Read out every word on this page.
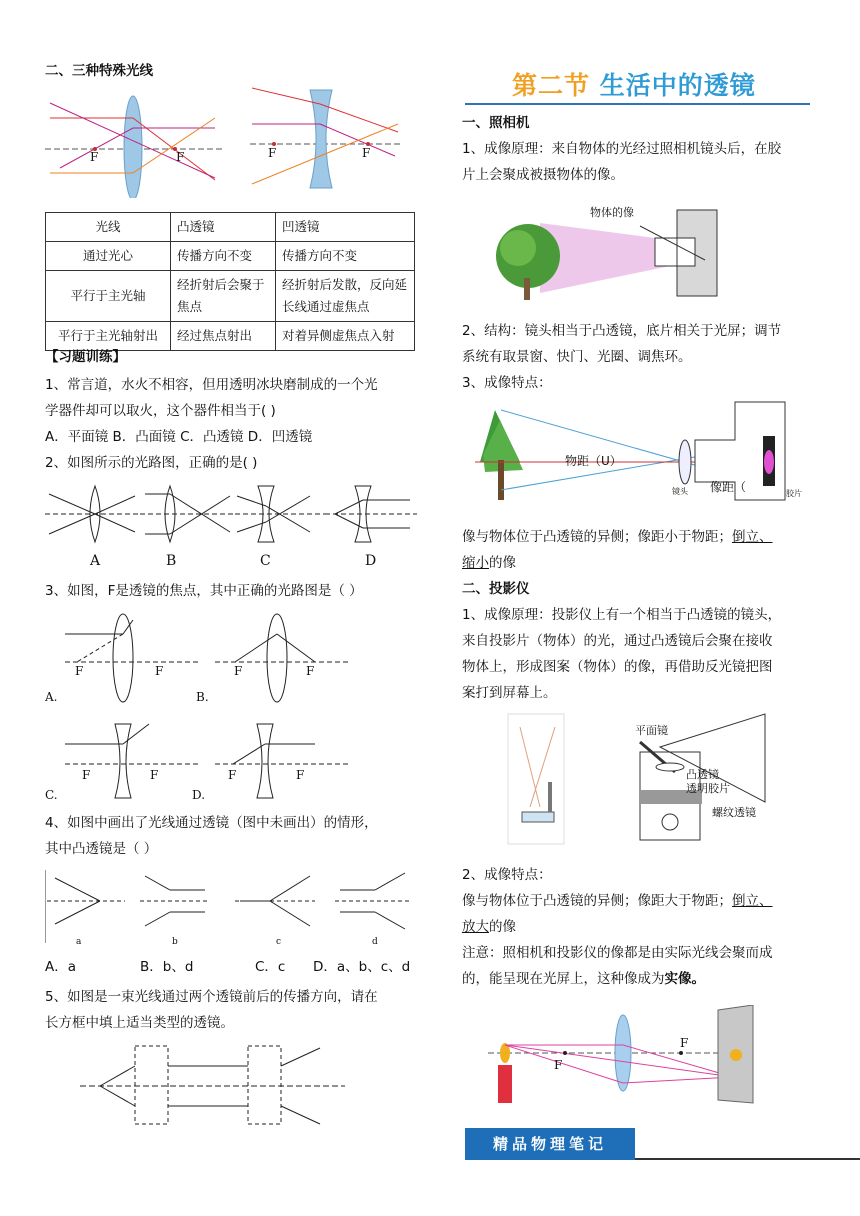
二、三种特殊光线
F	F	F	F
光线	凸透镜	凹透镜
通过光心	传播方向不变	传播方向不变
平行于主光轴	经折射后会聚于焦点	经折射后发散，反向延长线通过虚焦点
平行于主光轴射出	经过焦点射出	对着异侧虚焦点入射
【习题训练】
1、常言道，水火不相容，但用透明冰块磨制成的一个光
学器件却可以取火，这个器件相当于( )
A．平面镜 B．凸面镜 C．凸透镜 D．凹透镜
2、如图所示的光路图，正确的是( )
A	B	C	D
3、如图，F是透镜的焦点，其中正确的光路图是（ ）
F	F	F	F
A.	B.
F	F	F	F
C.	D.
4、如图中画出了光线通过透镜（图中未画出）的情形，
其中凸透镜是（ ）
a	b	c	d
A．a	B．b、d	C．c D．a、b、c、d
5、如图是一束光线通过两个透镜前后的传播方向，请在
长方框中填上适当类型的透镜。
第二节 生活中的透镜
一、照相机
1、成像原理：来自物体的光经过照相机镜头后，在胶
片上会聚成被摄物体的像。
物体的像
2、结构：镜头相当于凸透镜，底片相关于光屏；调节
系统有取景窗、快门、光圈、调焦环。
3、成像特点：
物距（U）
像距（
镜头	胶片
像与物体位于凸透镜的异侧；像距小于物距；倒立、
缩小的像
二、投影仪
1、成像原理：投影仪上有一个相当于凸透镜的镜头，
来自投影片（物体）的光，通过凸透镜后会聚在接收
物体上，形成图案（物体）的像，再借助反光镜把图
案打到屏幕上。
平面镜
凸透镜
透明胶片
螺纹透镜
2、成像特点：
像与物体位于凸透镜的异侧；像距大于物距；倒立、
放大的像
注意：照相机和投影仪的像都是由实际光线会聚而成
的，能呈现在光屏上，这种像成为实像。
F
F
精品物理笔记
